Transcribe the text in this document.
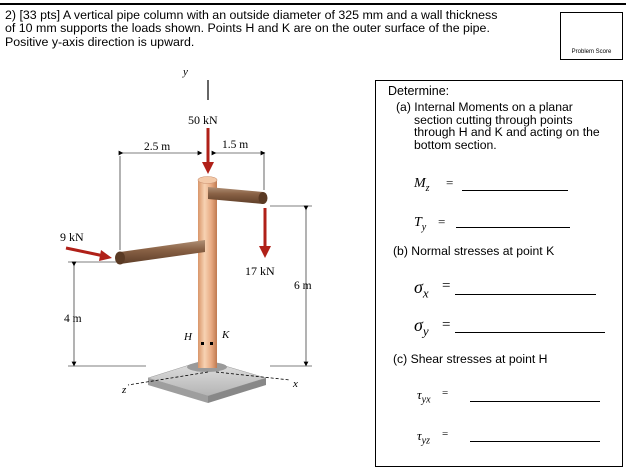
2) [33 pts] A vertical pipe column with an outside diameter of 325 mm and a wall thickness
of 10 mm supports the loads shown. Points H and K are on the outer surface of the pipe.
Positive y-axis direction is upward.
Problem Score
y
z	x
H	K
50 kN
9 kN
17 kN
2.5 m	1.5 m
6 m
4 m
Determine:
(a) Internal Moments on a planar
section cutting through points
through H and K and acting on the
bottom section.
$M_z$ =
$T_y$ =
(b) Normal stresses at point K
$\sigma_x$ =
$\sigma_y$ =
(c) Shear stresses at point H
$\tau_{yx}$
=
$\tau_{yz}$
=
